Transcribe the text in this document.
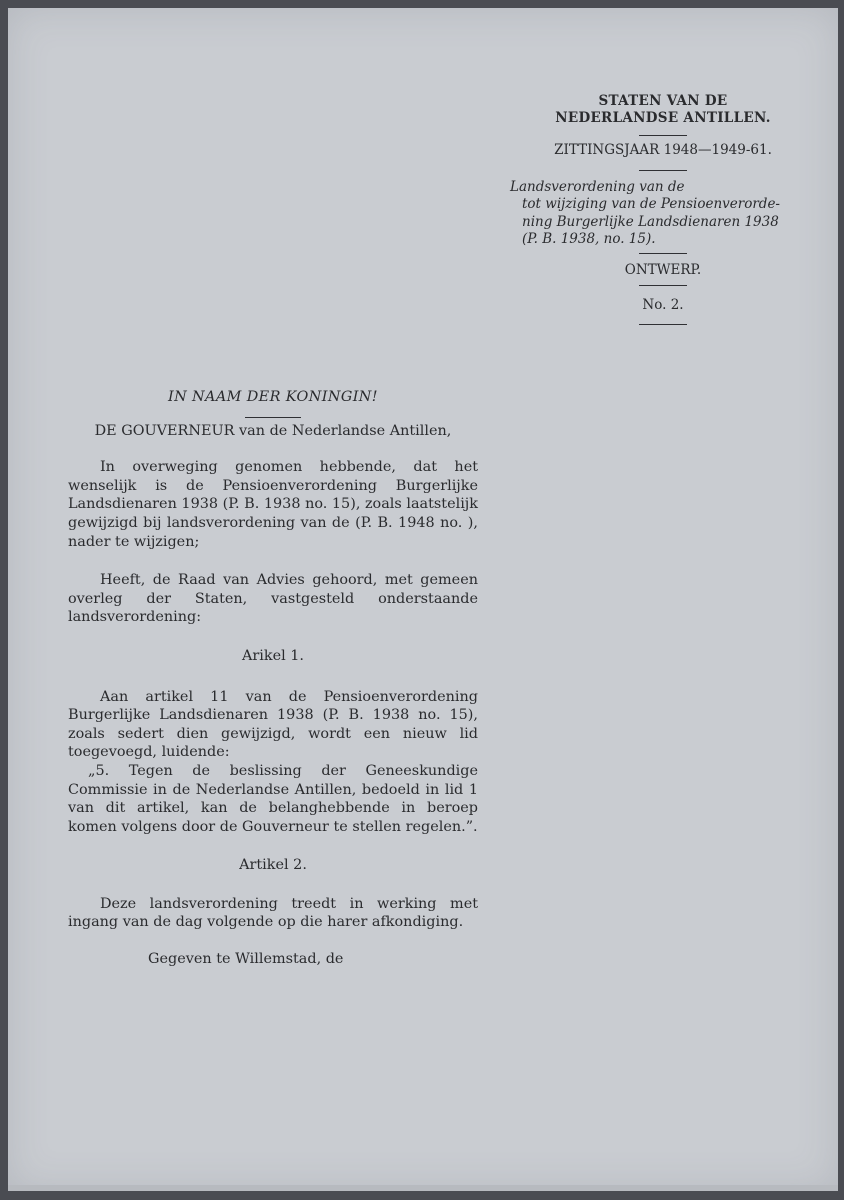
STATEN VAN DE
NEDERLANDSE ANTILLEN.
ZITTINGSJAAR 1948—1949-61.
Landsverordening van de
tot wijziging van de Pensioenverorde-
ning Burgerlijke Landsdienaren 1938
(P. B. 1938, no. 15).
ONTWERP.
No. 2.
IN NAAM DER KONINGIN!
DE GOUVERNEUR van de Nederlandse Antillen,

In overweging genomen hebbende, dat het wenselijk is de Pensioenverordening Burgerlijke Landsdienaren 1938 (P. B. 1938 no. 15), zoals laatstelijk gewijzigd bij landsverordening van de (P. B. 1948 no. ), nader te wijzigen;

Heeft, de Raad van Advies gehoord, met gemeen overleg der Staten, vastgesteld onderstaande landsverordening:

Arikel 1.

Aan artikel 11 van de Pensioenverordening Burgerlijke Landsdienaren 1938 (P. B. 1938 no. 15), zoals sedert dien gewijzigd, wordt een nieuw lid toegevoegd, luidende:

„5. Tegen de beslissing der Geneeskundige Commissie in de Nederlandse Antillen, bedoeld in lid 1 van dit artikel, kan de belanghebbende in beroep komen volgens door de Gouverneur te stellen regelen.”.

Artikel 2.

Deze landsverordening treedt in werking met ingang van de dag volgende op die harer afkondiging.

Gegeven te Willemstad, de
